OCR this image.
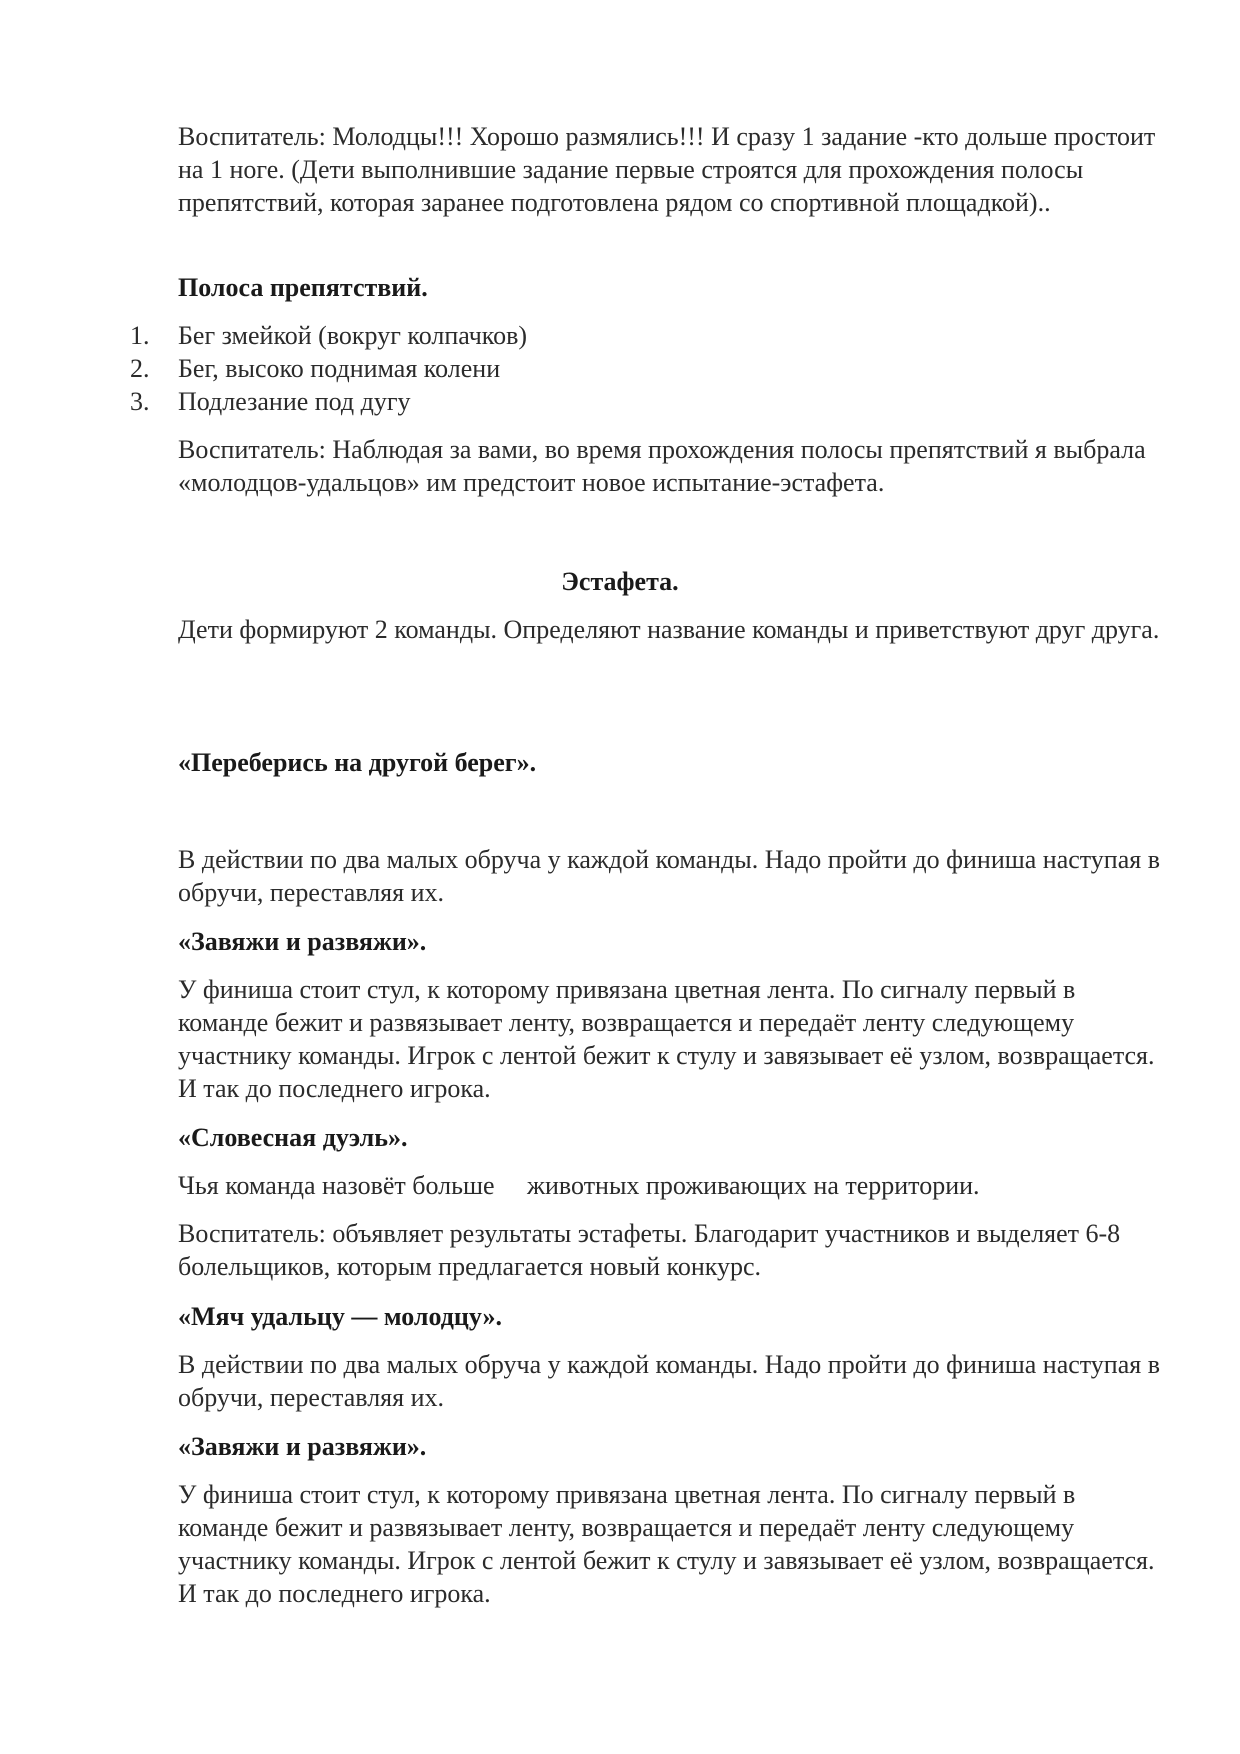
Воспитатель: Молодцы!!! Хорошо размялись!!! И сразу 1 задание -кто дольше простоит на 1 ноге. (Дети выполнившие задание первые строятся для прохождения полосы препятствий, которая заранее подготовлена рядом со спортивной площадкой)..

Полоса препятствий.

1. Бег змейкой (вокруг колпачков)
2. Бег, высоко поднимая колени
3. Подлезание под дугу

Воспитатель: Наблюдая за вами, во время прохождения полосы препятствий я выбрала «молодцов-удальцов» им предстоит новое испытание-эстафета.

Эстафета.

Дети формируют 2 команды. Определяют название команды и приветствуют друг друга.

«Переберись на другой берег».

В действии по два малых обруча у каждой команды. Надо пройти до финиша наступая в обручи, переставляя их.

«Завяжи и развяжи».

У финиша стоит стул, к которому привязана цветная лента. По сигналу первый в команде бежит и развязывает ленту, возвращается и передаёт ленту следующему участнику команды. Игрок с лентой бежит к стулу и завязывает её узлом, возвращается. И так до последнего игрока.

«Словесная дуэль».

Чья команда назовёт больше     животных проживающих на территории.

Воспитатель: объявляет результаты эстафеты. Благодарит участников и выделяет 6-8 болельщиков, которым предлагается новый конкурс.

«Мяч удальцу — молодцу».

В действии по два малых обруча у каждой команды. Надо пройти до финиша наступая в обручи, переставляя их.

«Завяжи и развяжи».

У финиша стоит стул, к которому привязана цветная лента. По сигналу первый в команде бежит и развязывает ленту, возвращается и передаёт ленту следующему участнику команды. Игрок с лентой бежит к стулу и завязывает её узлом, возвращается. И так до последнего игрока.
